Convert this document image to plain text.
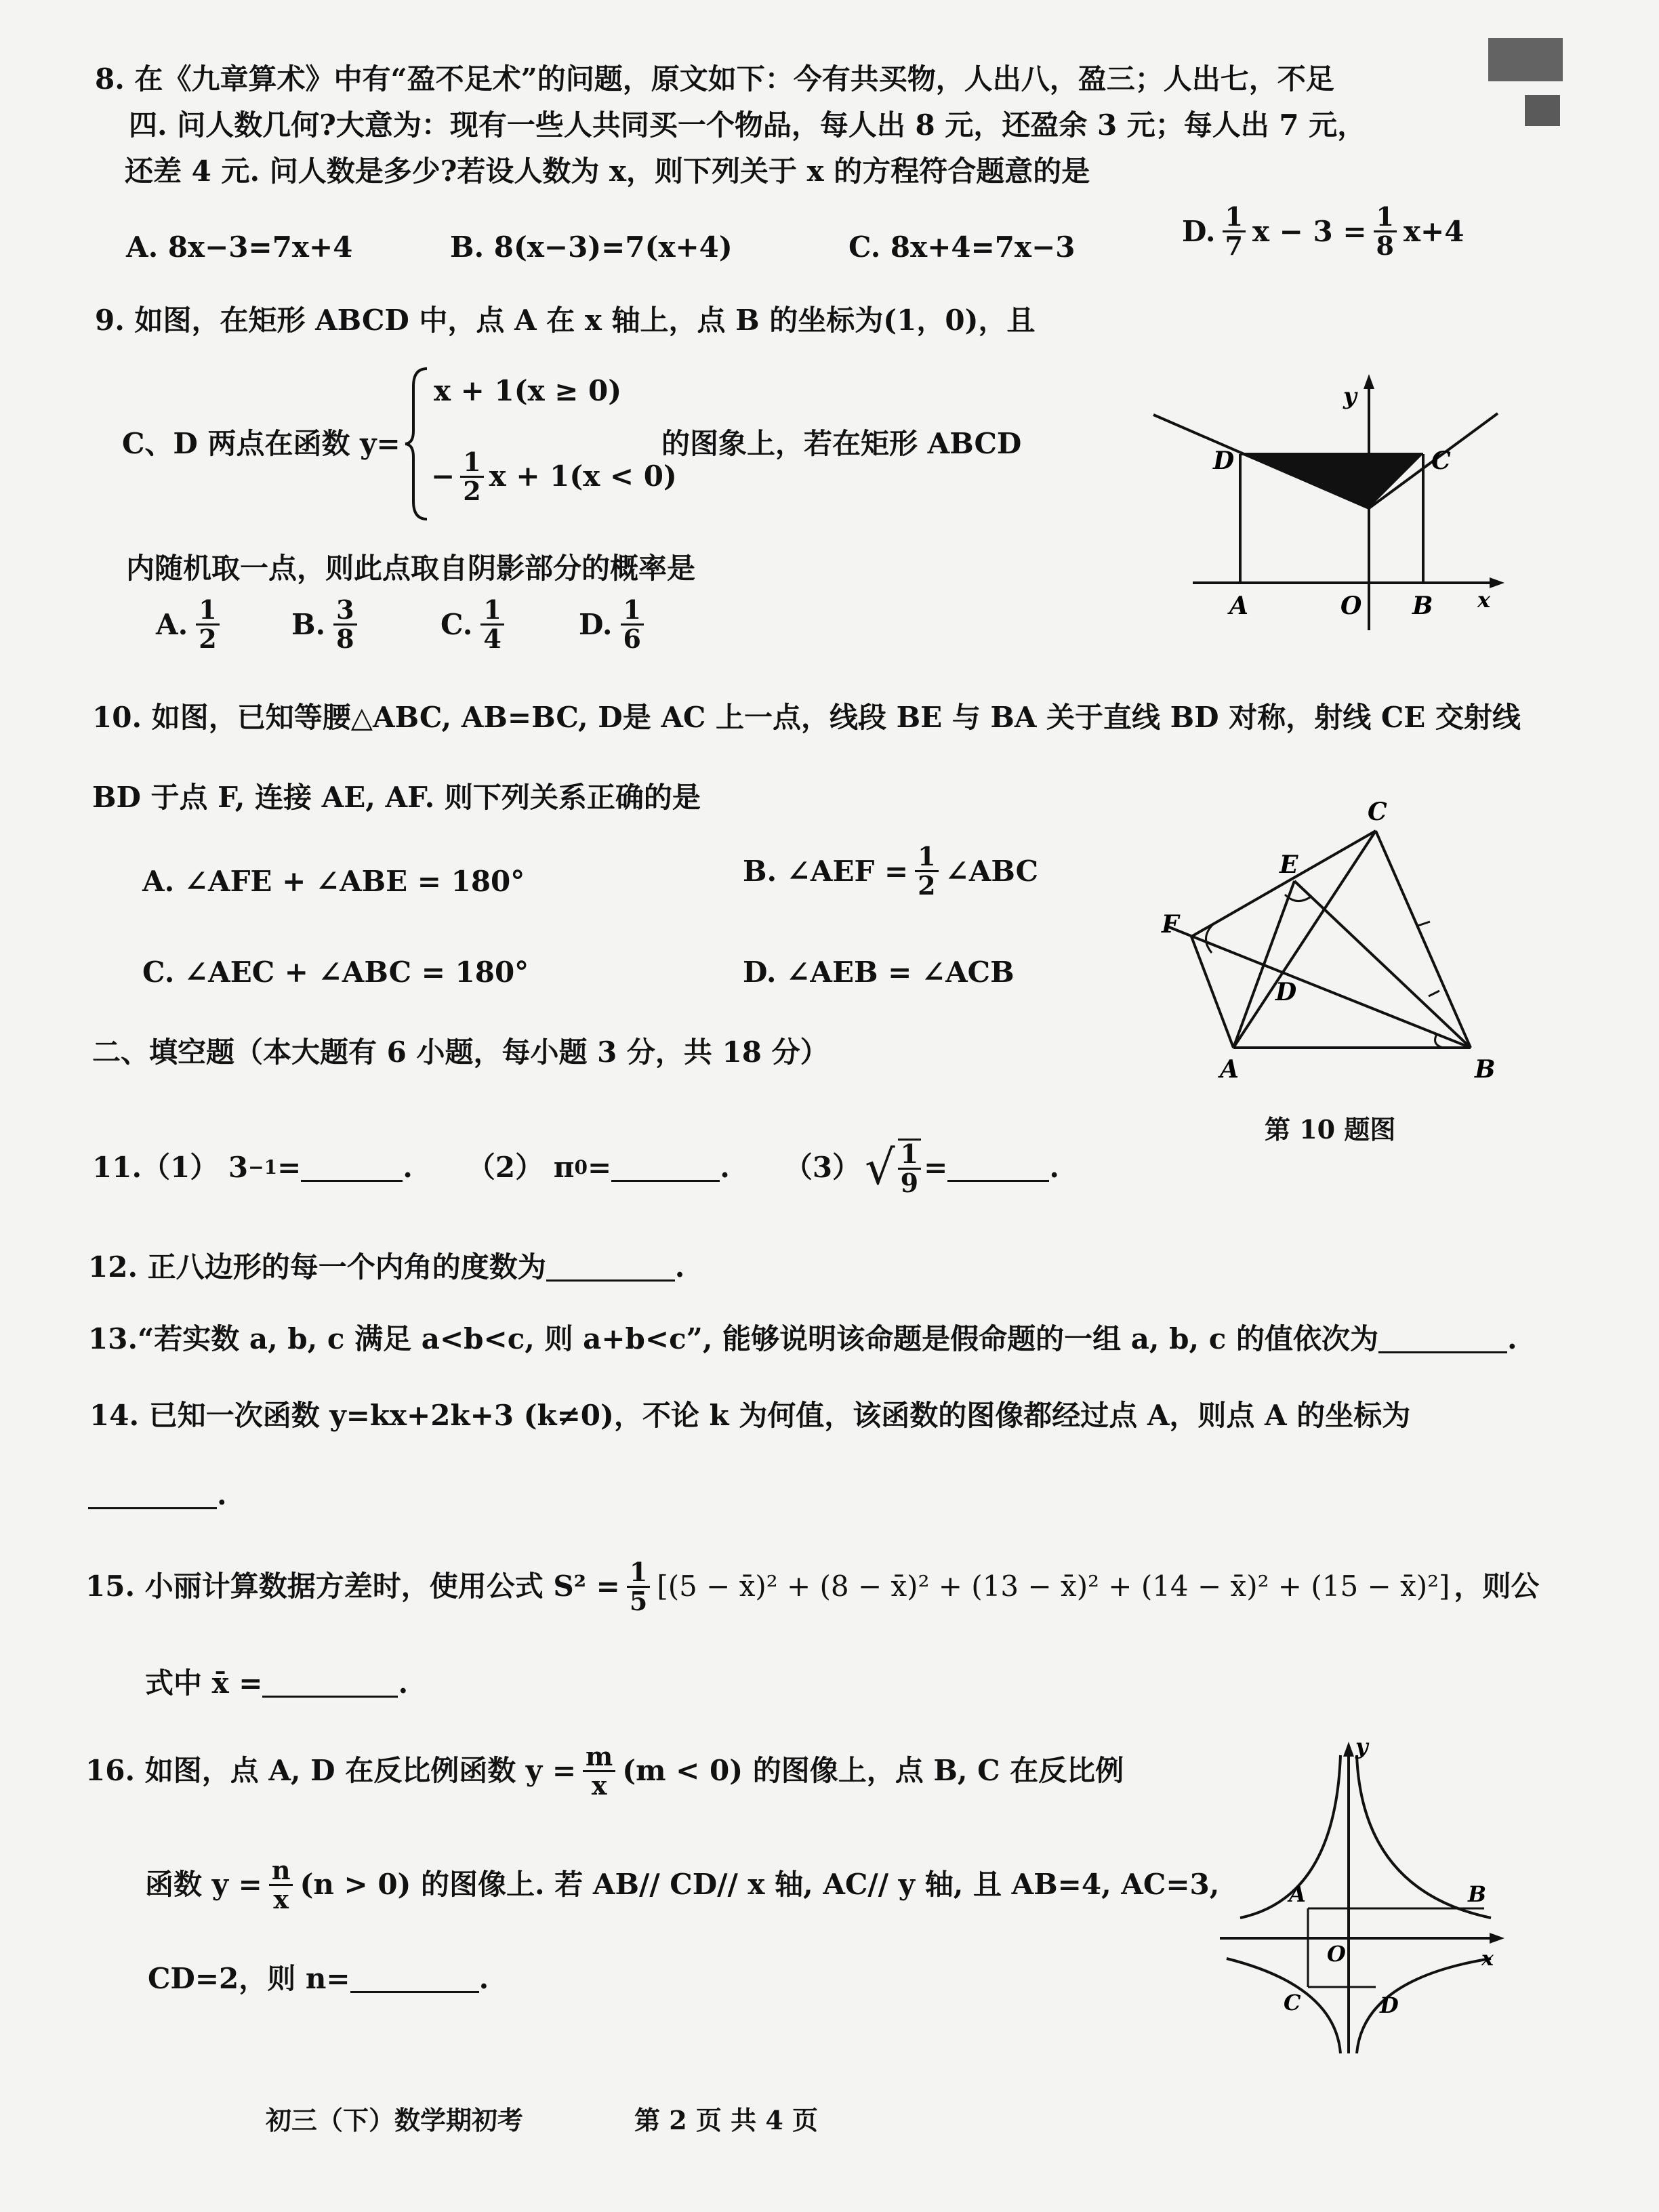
8. 在《九章算术》中有“盈不足术”的问题，原文如下：今有共买物，人出八，盈三；人出七，不足
四. 问人数几何?大意为：现有一些人共同买一个物品，每人出 8 元，还盈余 3 元；每人出 7 元，
还差 4 元. 问人数是多少?若设人数为 x，则下列关于 x 的方程符合题意的是
A. 8x−3=7x+4	B. 8(x−3)=7(x+4)	C. 8x+4=7x−3	D. $\frac{1}{7}$ $x - 3 = \frac{1}{8} x+4$
9. 如图，在矩形 ABCD 中，点 A 在 x 轴上，点 B 的坐标为(1，0)，且
C、D 两点在函数 y=
x + 1(x ≥ 0)
− $\frac{1}{2}$ x + 1(x < 0)
的图象上，若在矩形 ABCD
内随机取一点，则此点取自阴影部分的概率是
A. $\frac{1}{2}$	B. $\frac{3}{8}$	C. $\frac{1}{4}$	D. $\frac{1}{6}$
y
D	C
A	O B x
10. 如图，已知等腰△ABC, AB=BC, D是 AC 上一点，线段 BE 与 BA 关于直线 BD 对称，射线 CE 交射线
BD 于点 F, 连接 AE, AF. 则下列关系正确的是
A. ∠AFE + ∠ABE = 180°	B. ∠AEF = $\frac{1}{2}$ ∠ABC
C. ∠AEC + ∠ABC = 180°	D. ∠AEB = ∠ACB
C
E
F
D
A	B
第 10 题图
二、填空题（本大题有 6 小题，每小题 3 分，共 18 分）
11.（1） 3 −1 =	. （2） π 0 =	. （3） √ $\frac{1}{9}$ =	.
12. 正八边形的每一个内角的度数为	.
13.“若实数 a, b, c 满足 a<b<c, 则 a+b<c”, 能够说明该命题是假命题的一组 a, b, c 的值依次为	.
14. 已知一次函数 y=kx+2k+3 (k≠0)，不论 k 为何值，该函数的图像都经过点 A，则点 A 的坐标为
.
15. 小丽计算数据方差时，使用公式 $S^2 = \frac{1}{5} [(5$ − x̄)² + (8 − x̄)² + (13 − x̄)² + (14 − x̄)² + (15 − x̄)²] ，则公
式中 x̄ =	.
16. 如图，点 A, D 在反比例函数 $y = \frac{m}{x} (m < 0)$ 的图像上，点 B, C 在反比例
函数 $y = \frac{n}{x} (n > 0)$ 的图像上. 若 AB// CD// x 轴, AC// y 轴, 且 AB=4, AC=3,
CD=2，则 n=	.
y
A	B
O	x
C	D
初三（下）数学期初考	第 2 页 共 4 页
